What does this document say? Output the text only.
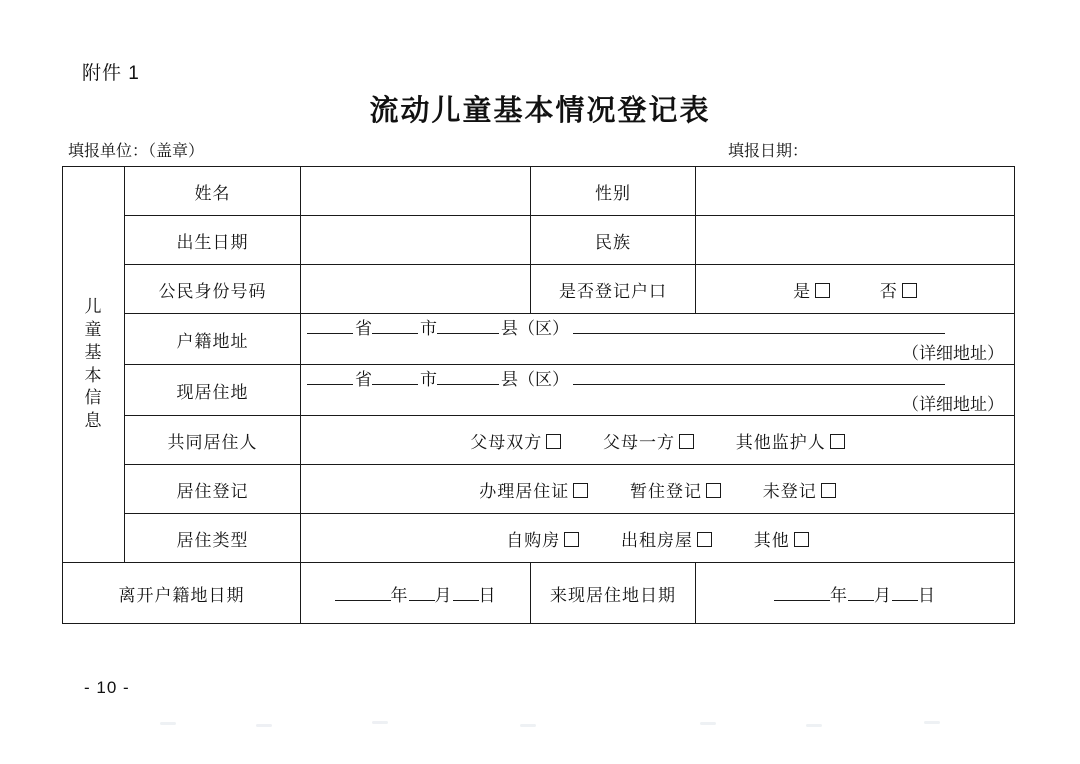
附件 1
流动儿童基本情况登记表
填报单位：（盖章）	填报日期：
儿童基本信息	姓名		性别	
	出生日期		民族	
	公民身份号码		是否登记户口	是 否
	户籍地址	省 市 县（区）
（详细地址）		

	现居住地	省 市 县（区）
（详细地址）		

	共同居住人	父母双方 父母一方 其他监护人		
	居住登记	办理居住证 暂住登记 未登记		
	居住类型	自购房 出租房屋 其他		
离开户籍地日期		年 月 日	来现居住地日期	年 月 日
- 10 -
